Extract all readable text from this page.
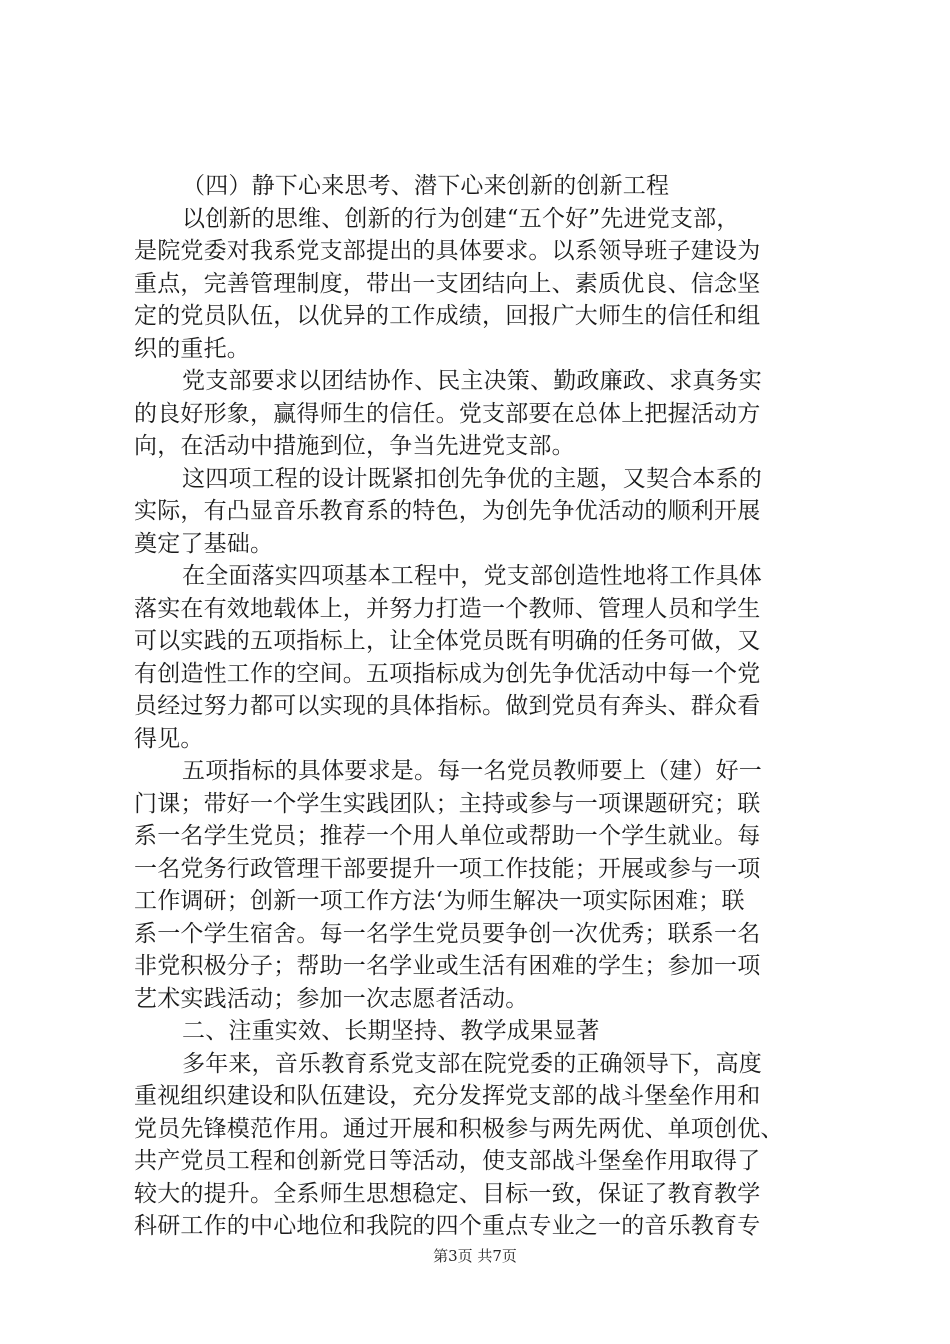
（四）静下心来思考、潜下心来创新的创新工程
以创新的思维、创新的行为创建“五个好”先进党支部，
是院党委对我系党支部提出的具体要求。以系领导班子建设为
重点，完善管理制度，带出一支团结向上、素质优良、信念坚
定的党员队伍，以优异的工作成绩，回报广大师生的信任和组
织的重托。
党支部要求以团结协作、民主决策、勤政廉政、求真务实
的良好形象，赢得师生的信任。党支部要在总体上把握活动方
向，在活动中措施到位，争当先进党支部。
这四项工程的设计既紧扣创先争优的主题，又契合本系的
实际，有凸显音乐教育系的特色，为创先争优活动的顺利开展
奠定了基础。
在全面落实四项基本工程中，党支部创造性地将工作具体
落实在有效地载体上，并努力打造一个教师、管理人员和学生
可以实践的五项指标上，让全体党员既有明确的任务可做，又
有创造性工作的空间。五项指标成为创先争优活动中每一个党
员经过努力都可以实现的具体指标。做到党员有奔头、群众看
得见。
五项指标的具体要求是。每一名党员教师要上（建）好一
门课；带好一个学生实践团队；主持或参与一项课题研究；联
系一名学生党员；推荐一个用人单位或帮助一个学生就业。每
一名党务行政管理干部要提升一项工作技能；开展或参与一项
工作调研；创新一项工作方法‘为师生解决一项实际困难；联
系一个学生宿舍。每一名学生党员要争创一次优秀；联系一名
非党积极分子；帮助一名学业或生活有困难的学生；参加一项
艺术实践活动；参加一次志愿者活动。
二、注重实效、长期坚持、教学成果显著
多年来，音乐教育系党支部在院党委的正确领导下，高度
重视组织建设和队伍建设，充分发挥党支部的战斗堡垒作用和
党员先锋模范作用。通过开展和积极参与两先两优、单项创优、
共产党员工程和创新党日等活动，使支部战斗堡垒作用取得了
较大的提升。全系师生思想稳定、目标一致，保证了教育教学
科研工作的中心地位和我院的四个重点专业之一的音乐教育专
第3页 共7页
